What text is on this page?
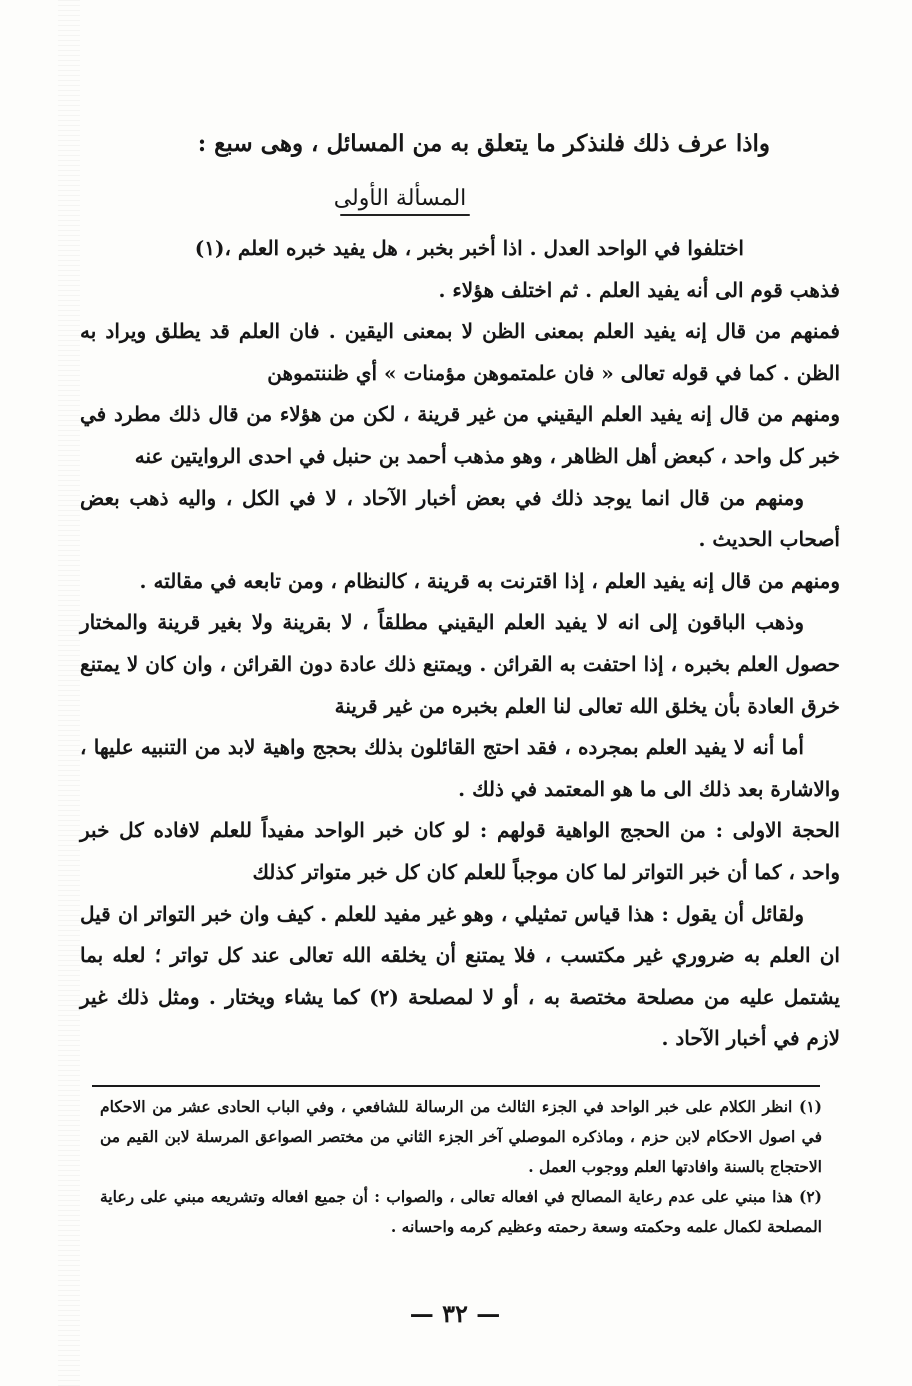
واذا عرف ذلك فلنذكر ما يتعلق به من المسائل ، وهى سبع :
المسألة الأولى

اختلفوا في الواحد العدل . اذا أخبر بخبر ، هل يفيد خبره العلم ،(١)

فذهب قوم الى أنه يفيد العلم . ثم اختلف هؤلاء .

فمنهم من قال إنه يفيد العلم بمعنى الظن لا بمعنى اليقين . فان العلم قد يطلق ويراد به الظن . كما في قوله تعالى « فان علمتموهن مؤمنات » أي ظننتموهن

ومنهم من قال إنه يفيد العلم اليقيني من غير قرينة ، لكن من هؤلاء من قال ذلك مطرد في خبر كل واحد ، كبعض أهل الظاهر ، وهو مذهب أحمد بن حنبل في احدى الروايتين عنه

ومنهم من قال انما يوجد ذلك في بعض أخبار الآحاد ، لا في الكل ، واليه ذهب بعض أصحاب الحديث .

ومنهم من قال إنه يفيد العلم ، إذا اقترنت به قرينة ، كالنظام ، ومن تابعه في مقالته .

وذهب الباقون إلى انه لا يفيد العلم اليقيني مطلقاً ، لا بقرينة ولا بغير قرينة والمختار حصول العلم بخبره ، إذا احتفت به القرائن . ويمتنع ذلك عادة دون القرائن ، وان كان لا يمتنع خرق العادة بأن يخلق الله تعالى لنا العلم بخبره من غير قرينة

أما أنه لا يفيد العلم بمجرده ، فقد احتج القائلون بذلك بحجج واهية لابد من التنبيه عليها ، والاشارة بعد ذلك الى ما هو المعتمد في ذلك .

الحجة الاولى : من الحجج الواهية قولهم : لو كان خبر الواحد مفيداً للعلم لافاده كل خبر واحد ، كما أن خبر التواتر لما كان موجباً للعلم كان كل خبر متواتر كذلك

ولقائل أن يقول : هذا قياس تمثيلي ، وهو غير مفيد للعلم . كيف وان خبر التواتر ان قيل ان العلم به ضروري غير مكتسب ، فلا يمتنع أن يخلقه الله تعالى عند كل تواتر ؛ لعله بما يشتمل عليه من مصلحة مختصة به ، أو لا لمصلحة (٢) كما يشاء ويختار . ومثل ذلك غير لازم في أخبار الآحاد .

(١) انظر الكلام على خبر الواحد في الجزء الثالث من الرسالة للشافعي ، وفي الباب الحادى عشر من الاحكام في اصول الاحكام لابن حزم ، وماذكره الموصلي آخر الجزء الثاني من مختصر الصواعق المرسلة لابن القيم من الاحتجاج بالسنة وافادتها العلم ووجوب العمل .

(٢) هذا مبني على عدم رعاية المصالح في افعاله تعالى ، والصواب : أن جميع افعاله وتشريعه مبني على رعاية المصلحة لكمال علمه وحكمته وسعة رحمته وعظيم كرمه واحسانه .

— ٣٢ —
